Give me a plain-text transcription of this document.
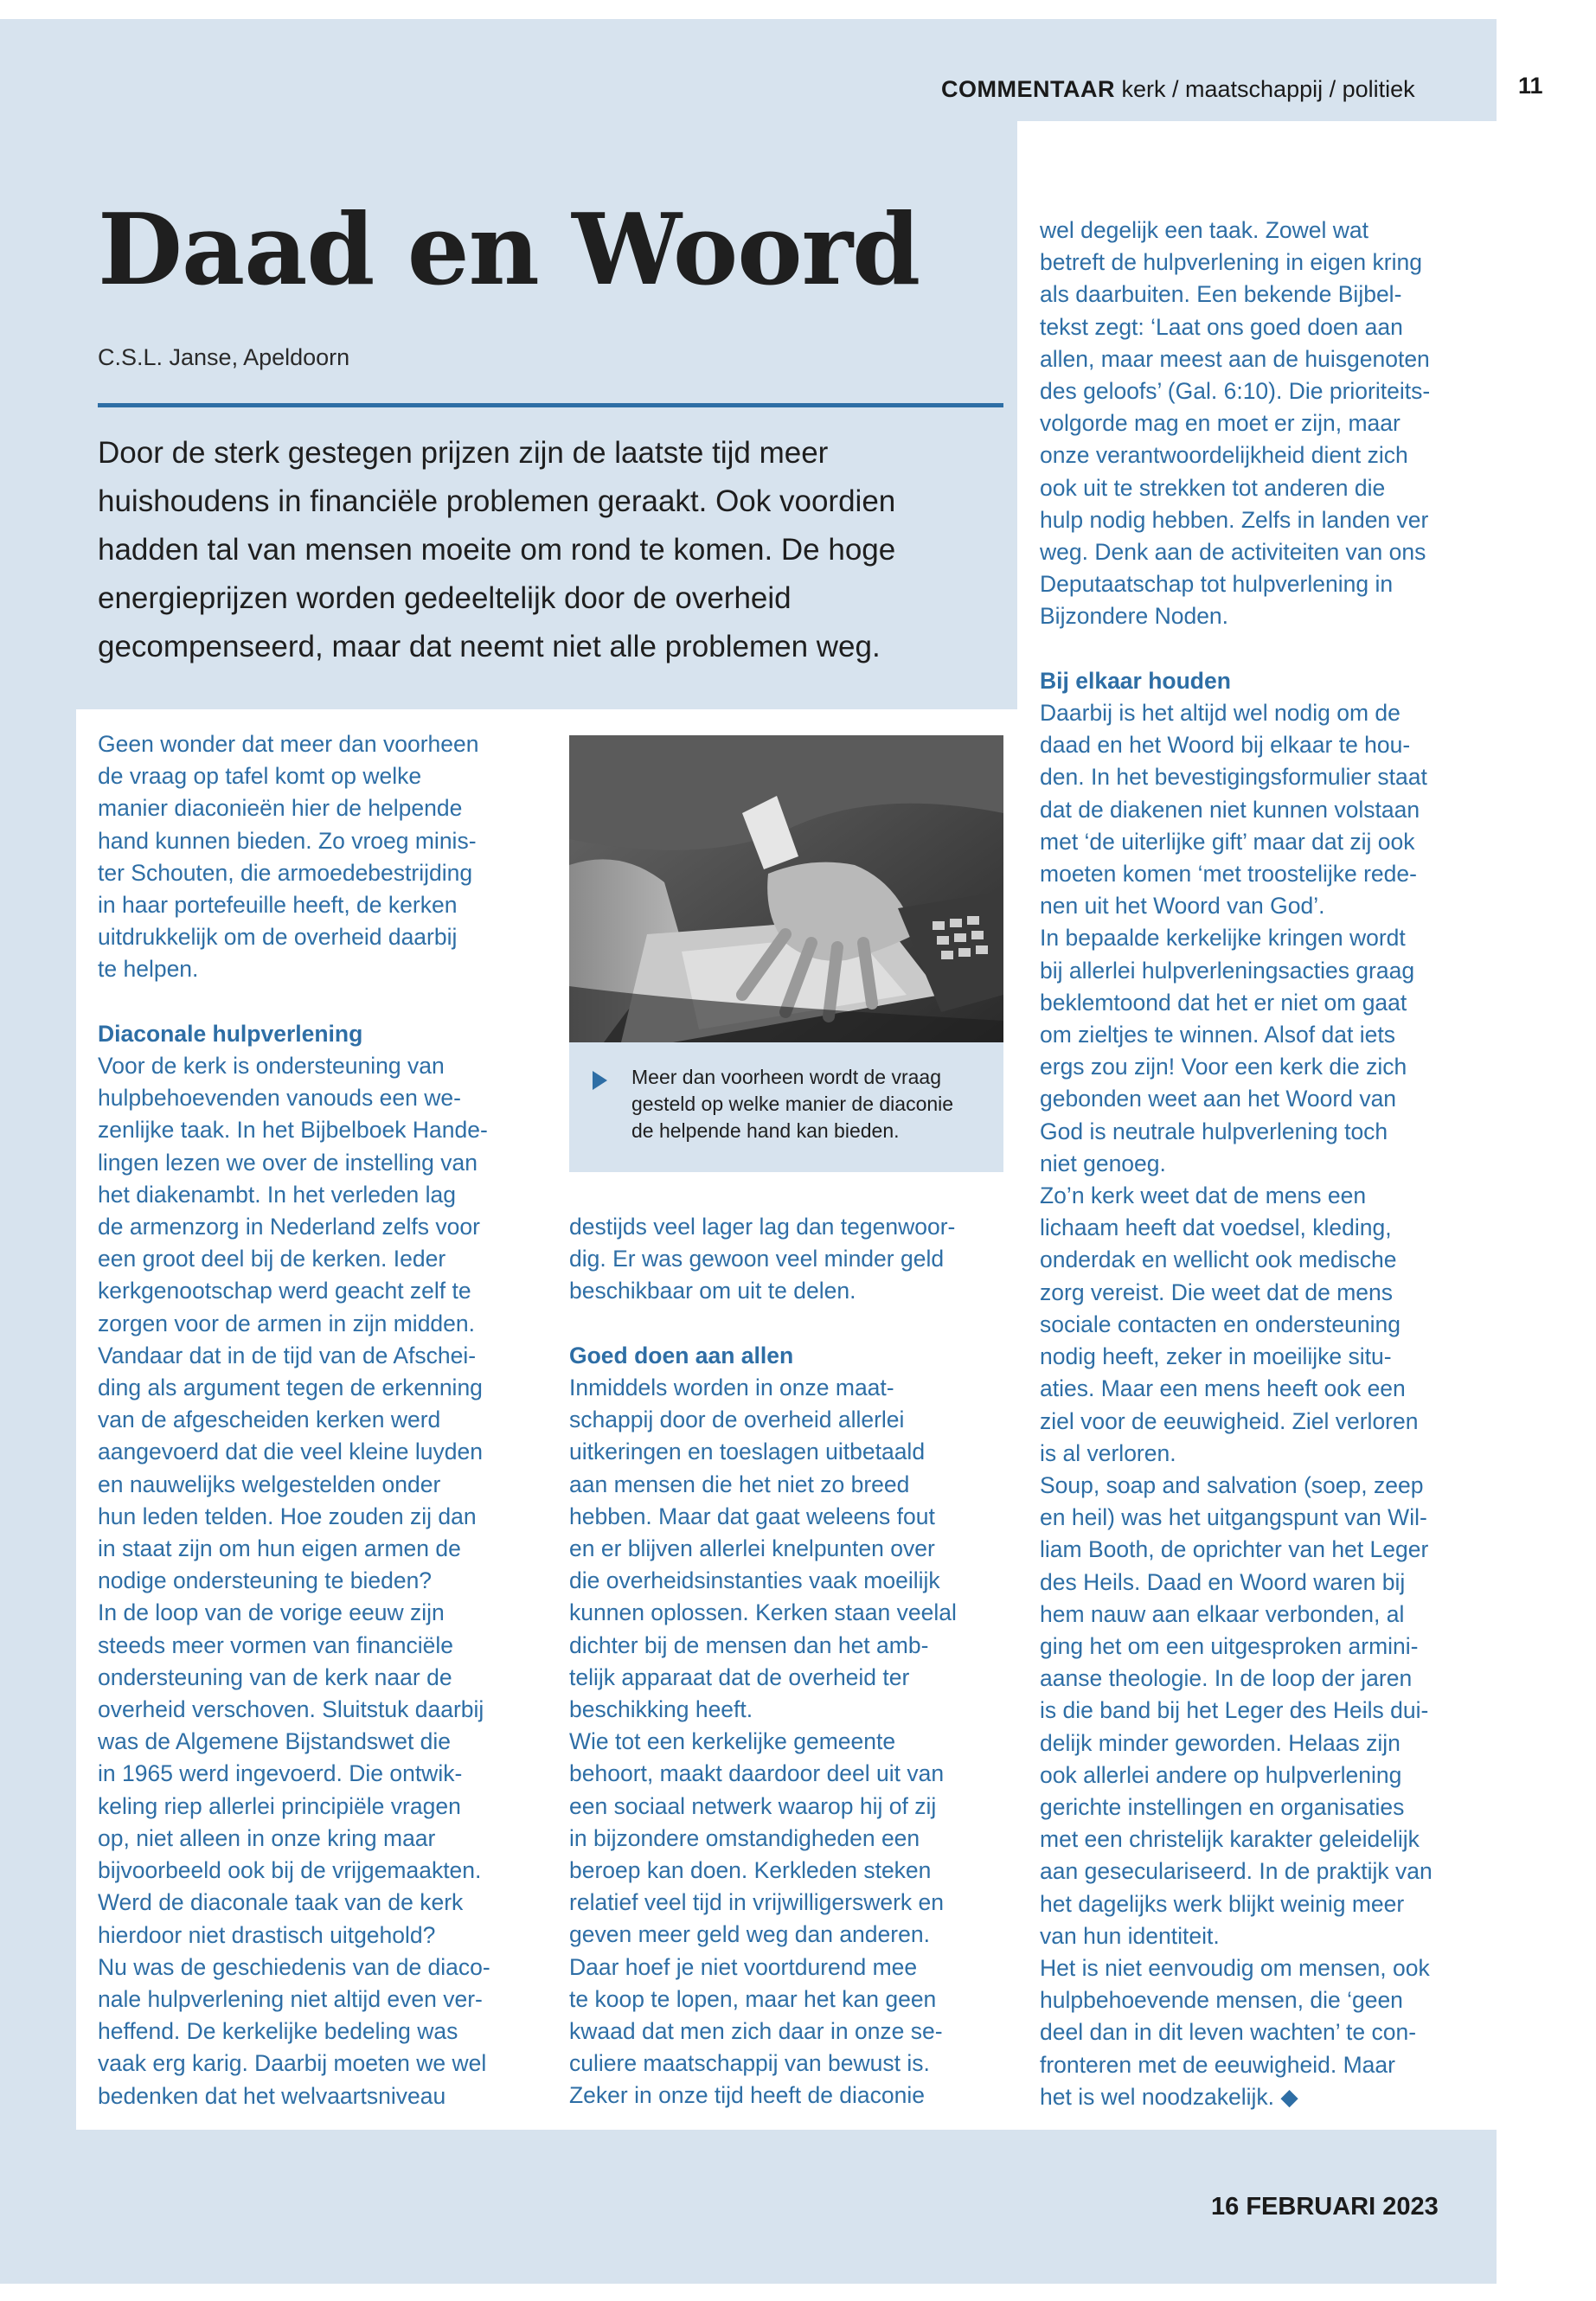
11
COMMENTAAR kerk / maatschappij / politiek
Daad en Woord
C.S.L. Janse, Apeldoorn
Door de sterk gestegen prijzen zijn de laatste tijd meer
huishoudens in financiële problemen geraakt. Ook voordien
hadden tal van mensen moeite om rond te komen. De hoge
energieprijzen worden gedeeltelijk door de overheid
gecompenseerd, maar dat neemt niet alle problemen weg.
Geen wonder dat meer dan voorheen
de vraag op tafel komt op welke
manier diaconieën hier de helpende
hand kunnen bieden. Zo vroeg minis-
ter Schouten, die armoedebestrijding
in haar portefeuille heeft, de kerken
uitdrukkelijk om de overheid daarbij
te helpen.
Diaconale hulpverlening
Voor de kerk is ondersteuning van
hulpbehoevenden vanouds een we-
zenlijke taak. In het Bijbelboek Hande-
lingen lezen we over de instelling van
het diakenambt. In het verleden lag
de armenzorg in Nederland zelfs voor
een groot deel bij de kerken. Ieder
kerkgenootschap werd geacht zelf te
zorgen voor de armen in zijn midden.
Vandaar dat in de tijd van de Afschei-
ding als argument tegen de erkenning
van de afgescheiden kerken werd
aangevoerd dat die veel kleine luyden
en nauwelijks welgestelden onder
hun leden telden. Hoe zouden zij dan
in staat zijn om hun eigen armen de
nodige ondersteuning te bieden?
In de loop van de vorige eeuw zijn
steeds meer vormen van financiële
ondersteuning van de kerk naar de
overheid verschoven. Sluitstuk daarbij
was de Algemene Bijstandswet die
in 1965 werd ingevoerd. Die ontwik-
keling riep allerlei principiële vragen
op, niet alleen in onze kring maar
bijvoorbeeld ook bij de vrijgemaakten.
Werd de diaconale taak van de kerk
hierdoor niet drastisch uitgehold?
Nu was de geschiedenis van de diaco-
nale hulpverlening niet altijd even ver-
heffend. De kerkelijke bedeling was
vaak erg karig. Daarbij moeten we wel
bedenken dat het welvaartsniveau
Meer dan voorheen wordt de vraag
gesteld op welke manier de diaconie
de helpende hand kan bieden.
destijds veel lager lag dan tegenwoor-
dig. Er was gewoon veel minder geld
beschikbaar om uit te delen.
Goed doen aan allen
Inmiddels worden in onze maat-
schappij door de overheid allerlei
uitkeringen en toeslagen uitbetaald
aan mensen die het niet zo breed
hebben. Maar dat gaat weleens fout
en er blijven allerlei knelpunten over
die overheidsinstanties vaak moeilijk
kunnen oplossen. Kerken staan veelal
dichter bij de mensen dan het amb-
telijk apparaat dat de overheid ter
beschikking heeft.
Wie tot een kerkelijke gemeente
behoort, maakt daardoor deel uit van
een sociaal netwerk waarop hij of zij
in bijzondere omstandigheden een
beroep kan doen. Kerkleden steken
relatief veel tijd in vrijwilligerswerk en
geven meer geld weg dan anderen.
Daar hoef je niet voortdurend mee
te koop te lopen, maar het kan geen
kwaad dat men zich daar in onze se-
culiere maatschappij van bewust is.
Zeker in onze tijd heeft de diaconie
wel degelijk een taak. Zowel wat
betreft de hulpverlening in eigen kring
als daarbuiten. Een bekende Bijbel-
tekst zegt: ‘Laat ons goed doen aan
allen, maar meest aan de huisgenoten
des geloofs’ (Gal. 6:10). Die prioriteits-
volgorde mag en moet er zijn, maar
onze verantwoordelijkheid dient zich
ook uit te strekken tot anderen die
hulp nodig hebben. Zelfs in landen ver
weg. Denk aan de activiteiten van ons
Deputaatschap tot hulpverlening in
Bijzondere Noden.
Bij elkaar houden
Daarbij is het altijd wel nodig om de
daad en het Woord bij elkaar te hou-
den. In het bevestigingsformulier staat
dat de diakenen niet kunnen volstaan
met ‘de uiterlijke gift’ maar dat zij ook
moeten komen ‘met troostelijke rede-
nen uit het Woord van God’.
In bepaalde kerkelijke kringen wordt
bij allerlei hulpverleningsacties graag
beklemtoond dat het er niet om gaat
om zieltjes te winnen. Alsof dat iets
ergs zou zijn! Voor een kerk die zich
gebonden weet aan het Woord van
God is neutrale hulpverlening toch
niet genoeg.
Zo’n kerk weet dat de mens een
lichaam heeft dat voedsel, kleding,
onderdak en wellicht ook medische
zorg vereist. Die weet dat de mens
sociale contacten en ondersteuning
nodig heeft, zeker in moeilijke situ-
aties. Maar een mens heeft ook een
ziel voor de eeuwigheid. Ziel verloren
is al verloren.
Soup, soap and salvation (soep, zeep
en heil) was het uitgangspunt van Wil-
liam Booth, de oprichter van het Leger
des Heils. Daad en Woord waren bij
hem nauw aan elkaar verbonden, al
ging het om een uitgesproken armini-
aanse theologie. In de loop der jaren
is die band bij het Leger des Heils dui-
delijk minder geworden. Helaas zijn
ook allerlei andere op hulpverlening
gerichte instellingen en organisaties
met een christelijk karakter geleidelijk
aan geseculariseerd. In de praktijk van
het dagelijks werk blijkt weinig meer
van hun identiteit.
Het is niet eenvoudig om mensen, ook
hulpbehoevende mensen, die ‘geen
deel dan in dit leven wachten’ te con-
fronteren met de eeuwigheid. Maar
het is wel noodzakelijk. ◆
16 FEBRUARI 2023
